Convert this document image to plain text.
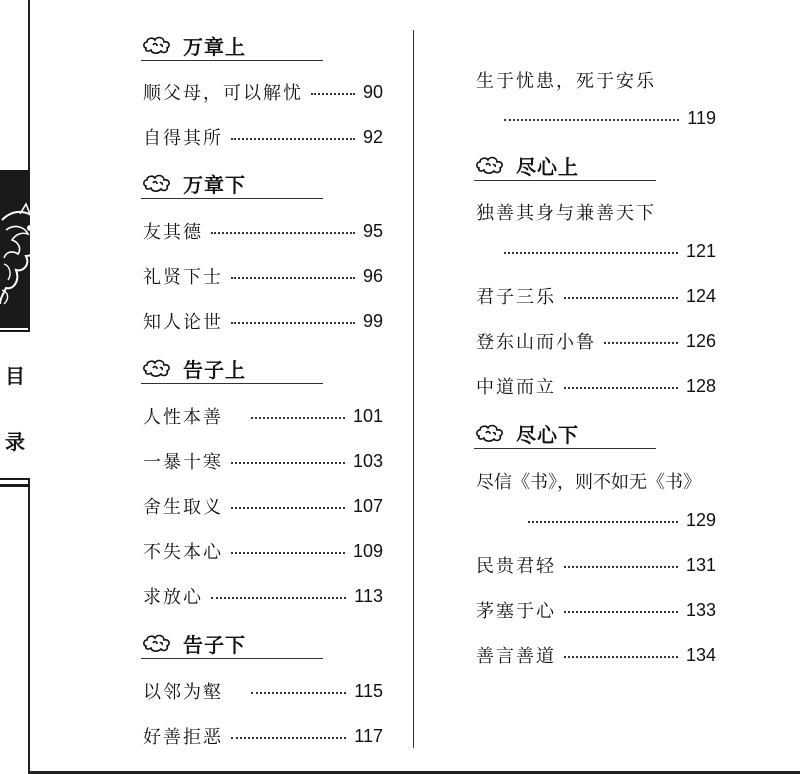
目
录
万章上
顺父母，可以解忧	90
自得其所	92
万章下
友其德	95
礼贤下士	96
知人论世	99
告子上
人性本善	101
一暴十寒	103
舍生取义	107
不失本心	109
求放心	113
告子下
以邻为壑	115
好善拒恶	117
生于忧患，死于安乐
119
尽心上
独善其身与兼善天下
121
君子三乐	124
登东山而小鲁	126
中道而立	128
尽心下
尽信《书》，则不如无《书》
129
民贵君轻	131
茅塞于心	133
善言善道	134
